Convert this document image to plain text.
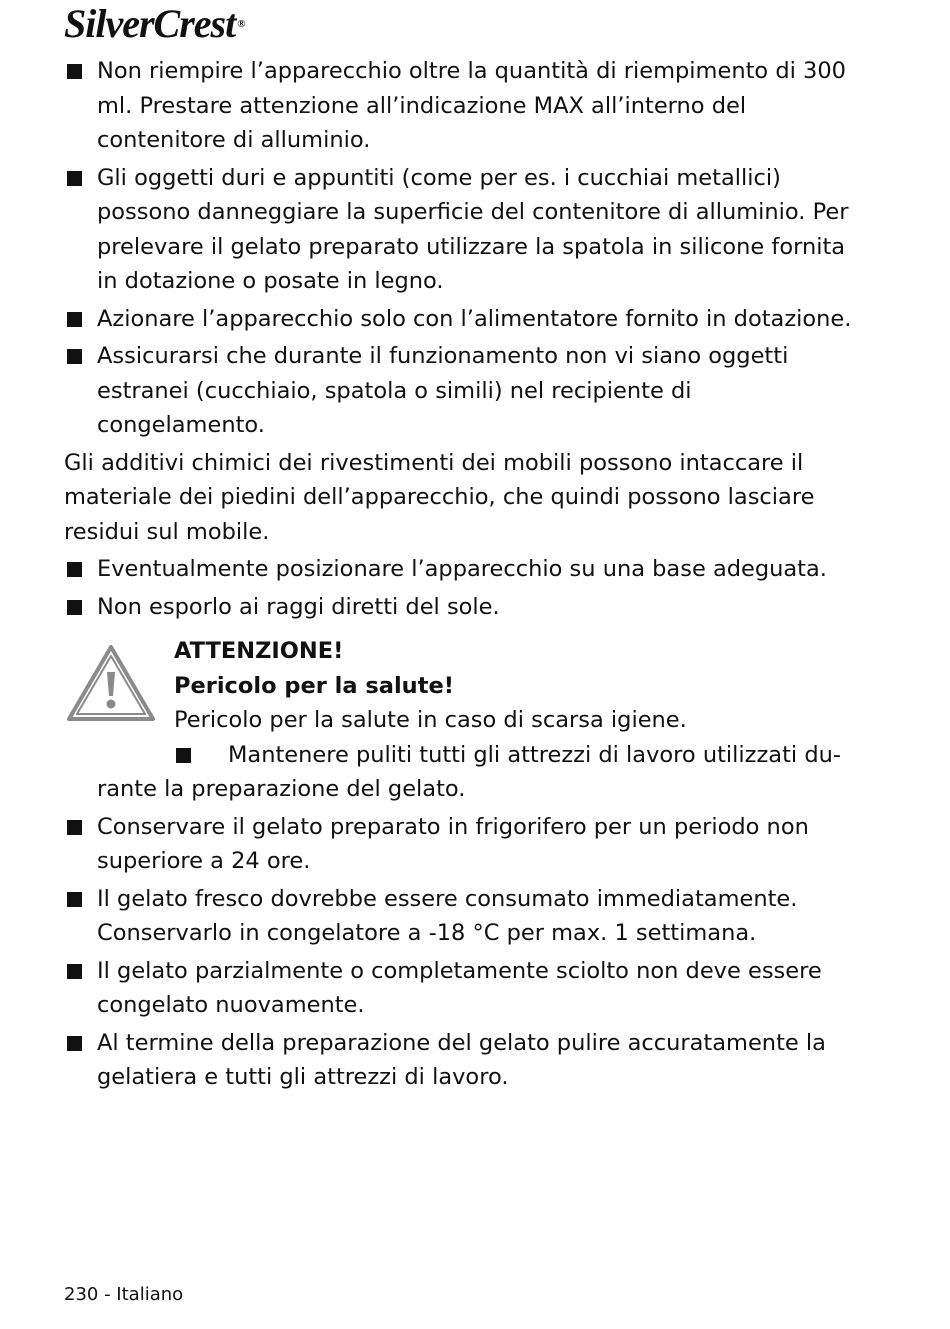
SilverCrest ®
Non riempire l’apparecchio oltre la quantità di riempimento di 300 ml. Prestare attenzione all’indicazione MAX all’interno del contenitore di alluminio.
Gli oggetti duri e appuntiti (come per es. i cucchiai metallici) possono danneggiare la superficie del contenitore di alluminio. Per prelevare il gelato preparato utilizzare la spatola in silicone fornita in dotazione o posate in legno.
Azionare l’apparecchio solo con l’alimentatore fornito in dotazione.
Assicurarsi che durante il funzionamento non vi siano oggetti estranei (cucchiaio, spatola o simili) nel recipiente di congelamento.
Gli additivi chimici dei rivestimenti dei mobili possono intaccare il materiale dei piedini dell’apparecchio, che quindi possono lasciare residui sul mobile.
Eventualmente posizionare l’apparecchio su una base adeguata.
Non esporlo ai raggi diretti del sole.
ATTENZIONE!
Pericolo per la salute!
Pericolo per la salute in caso di scarsa igiene.
Mantenere puliti tutti gli attrezzi di lavoro utilizzati du-
rante la preparazione del gelato.
Conservare il gelato preparato in frigorifero per un periodo non superiore a 24 ore.
Il gelato fresco dovrebbe essere consumato immediatamente. Conservarlo in congelatore a -18 °C per max. 1 settimana.
Il gelato parzialmente o completamente sciolto non deve essere congelato nuovamente.
Al termine della preparazione del gelato pulire accuratamente la gelatiera e tutti gli attrezzi di lavoro.
230 - Italiano
